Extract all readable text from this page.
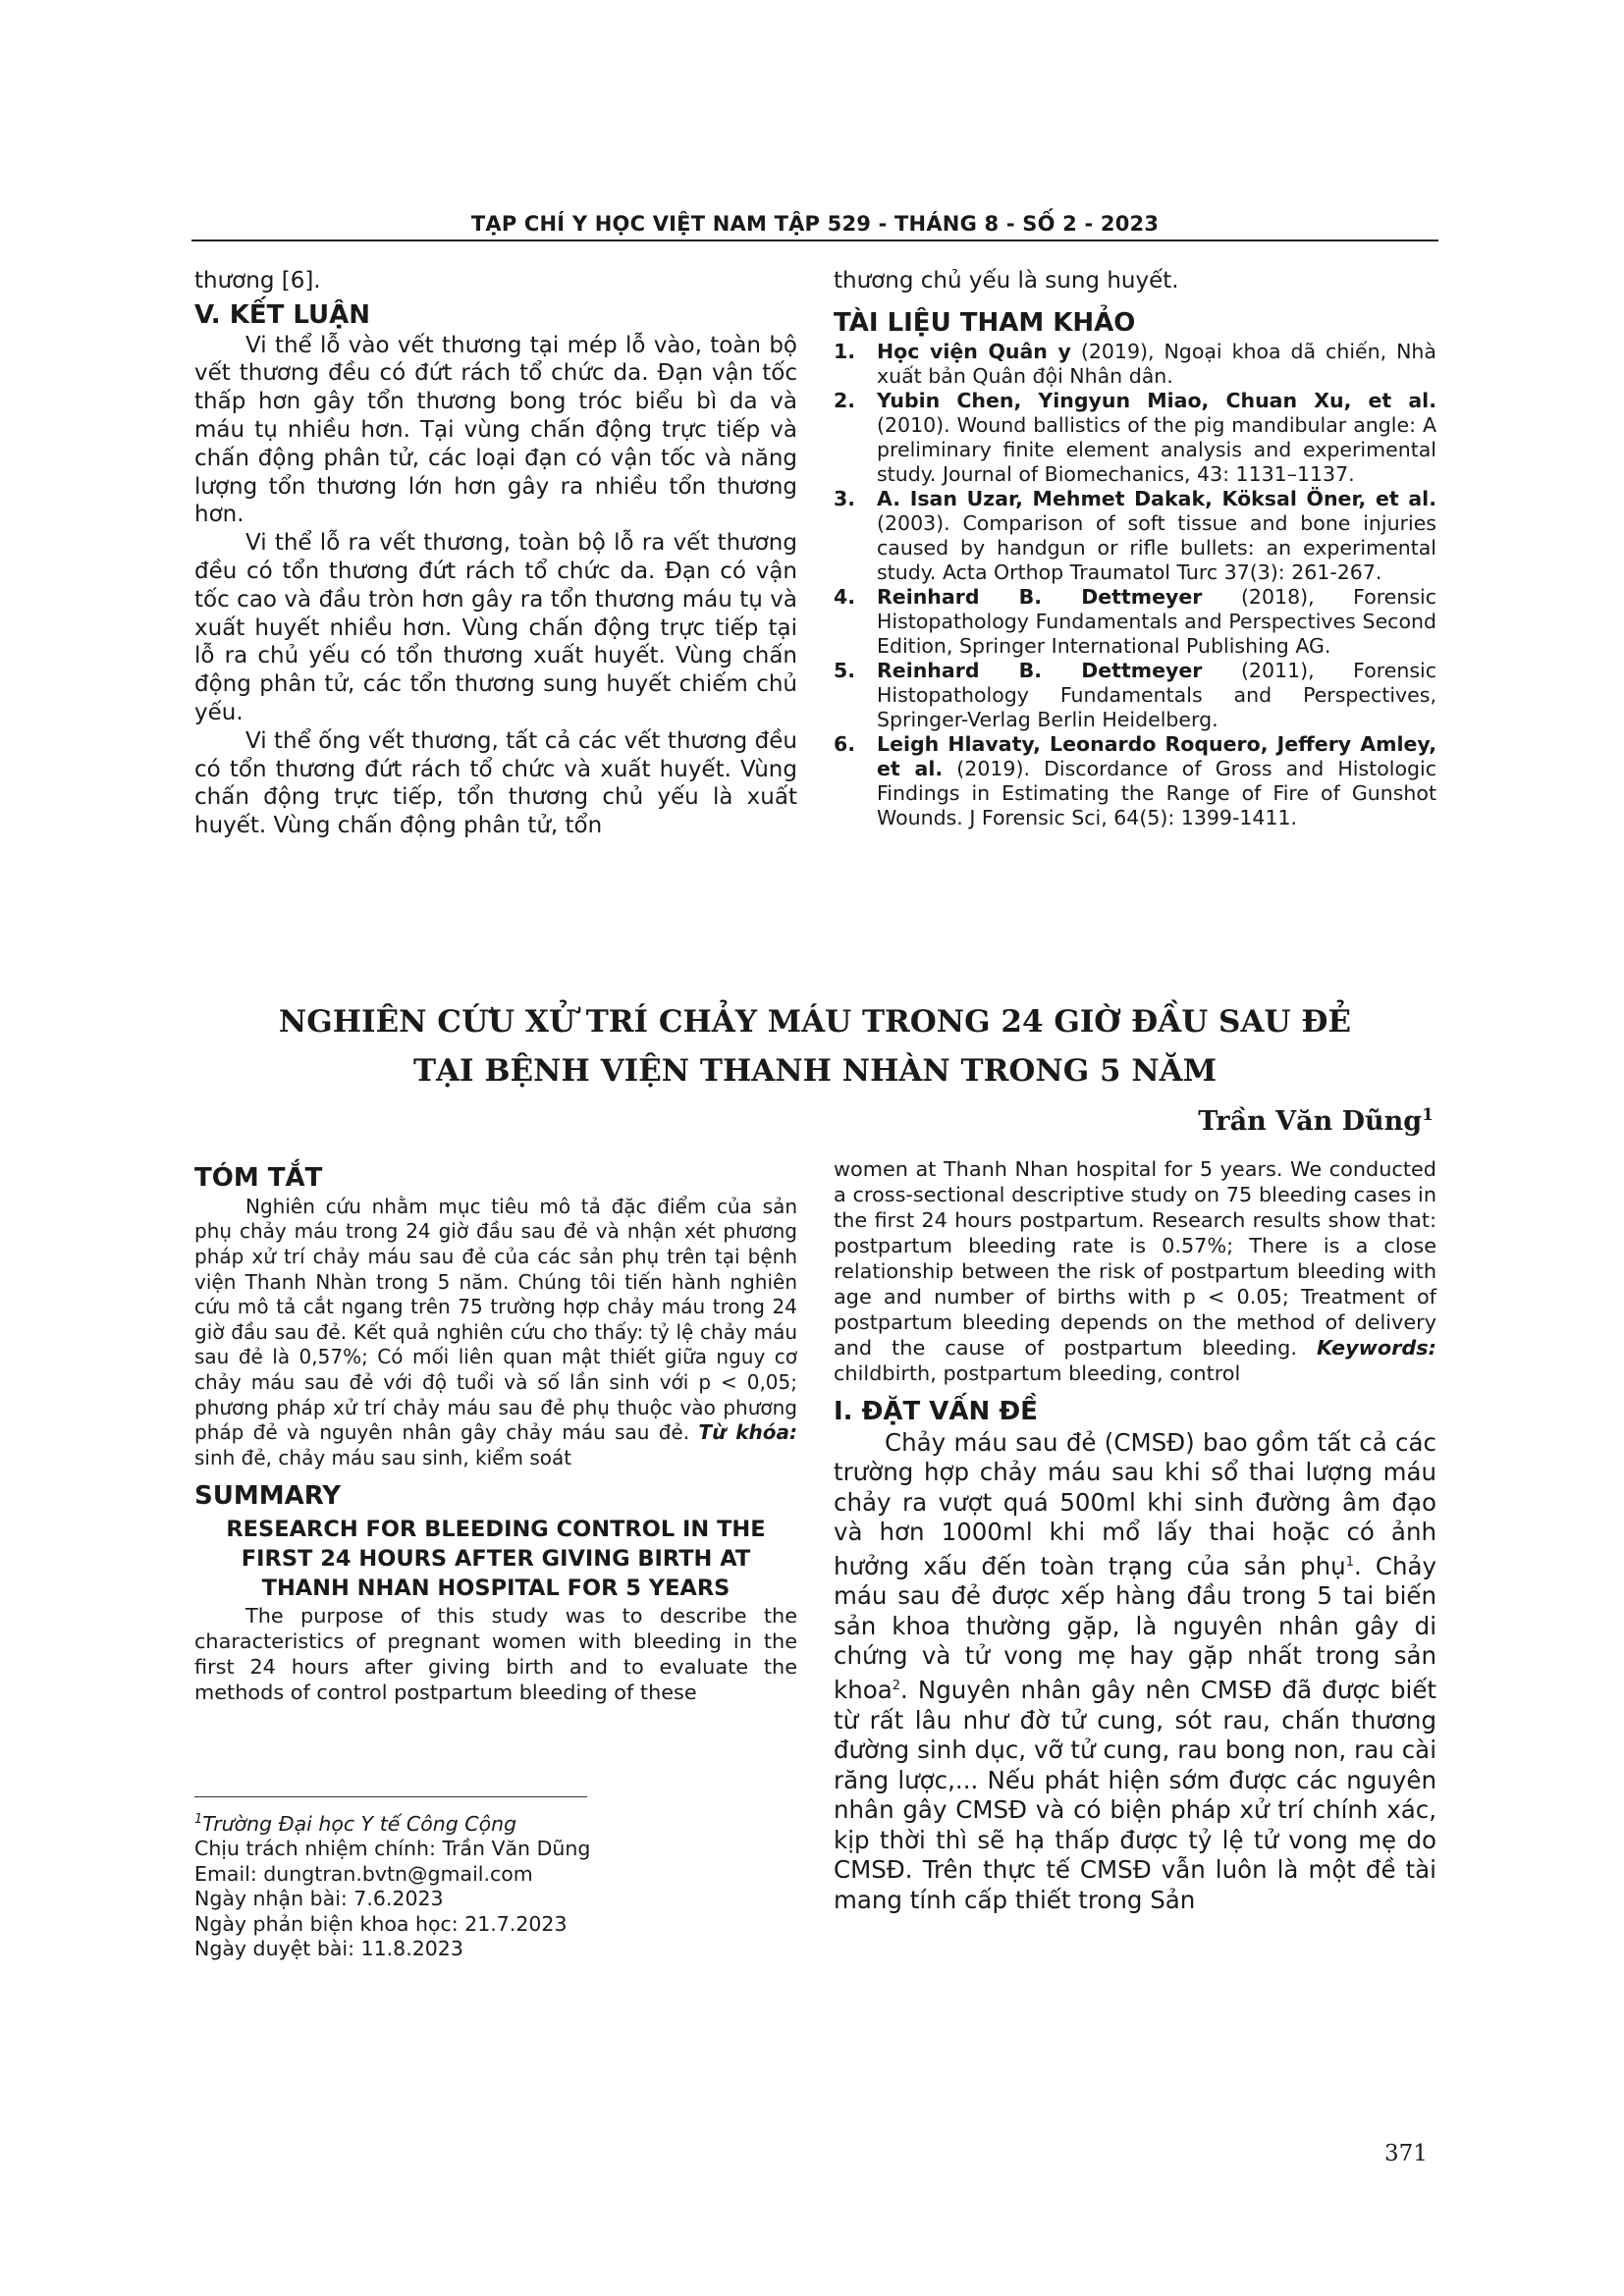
TẠP CHÍ Y HỌC VIỆT NAM TẬP 529 - THÁNG 8 - SỐ 2 - 2023

thương [6].

V. KẾT LUẬN

Vi thể lỗ vào vết thương tại mép lỗ vào, toàn bộ vết thương đều có đứt rách tổ chức da. Đạn vận tốc thấp hơn gây tổn thương bong tróc biểu bì da và máu tụ nhiều hơn. Tại vùng chấn động trực tiếp và chấn động phân tử, các loại đạn có vận tốc và năng lượng tổn thương lớn hơn gây ra nhiều tổn thương hơn.

Vi thể lỗ ra vết thương, toàn bộ lỗ ra vết thương đều có tổn thương đứt rách tổ chức da. Đạn có vận tốc cao và đầu tròn hơn gây ra tổn thương máu tụ và xuất huyết nhiều hơn. Vùng chấn động trực tiếp tại lỗ ra chủ yếu có tổn thương xuất huyết. Vùng chấn động phân tử, các tổn thương sung huyết chiếm chủ yếu.

Vi thể ống vết thương, tất cả các vết thương đều có tổn thương đứt rách tổ chức và xuất huyết. Vùng chấn động trực tiếp, tổn thương chủ yếu là xuất huyết. Vùng chấn động phân tử, tổn

thương chủ yếu là sung huyết.

TÀI LIỆU THAM KHẢO
1. Học viện Quân y (2019), Ngoại khoa dã chiến, Nhà xuất bản Quân đội Nhân dân.
2. Yubin Chen, Yingyun Miao, Chuan Xu, et al. (2010). Wound ballistics of the pig mandibular angle: A preliminary finite element analysis and experimental study. Journal of Biomechanics, 43: 1131–1137.
3. A. Isan Uzar, Mehmet Dakak, Köksal Öner, et al. (2003). Comparison of soft tissue and bone injuries caused by handgun or rifle bullets: an experimental study. Acta Orthop Traumatol Turc 37(3): 261-267.
4. Reinhard B. Dettmeyer (2018), Forensic Histopathology Fundamentals and Perspectives Second Edition, Springer International Publishing AG.
5. Reinhard B. Dettmeyer (2011), Forensic Histopathology Fundamentals and Perspectives, Springer-Verlag Berlin Heidelberg.
6. Leigh Hlavaty, Leonardo Roquero, Jeffery Amley, et al. (2019). Discordance of Gross and Histologic Findings in Estimating the Range of Fire of Gunshot Wounds. J Forensic Sci, 64(5): 1399-1411.
NGHIÊN CỨU XỬ TRÍ CHẢY MÁU TRONG 24 GIỜ ĐẦU SAU ĐẺ
TẠI BỆNH VIỆN THANH NHÀN TRONG 5 NĂM
Trần Văn Dũng$^1$
TÓM TẮT

Nghiên cứu nhằm mục tiêu mô tả đặc điểm của sản phụ chảy máu trong 24 giờ đầu sau đẻ và nhận xét phương pháp xử trí chảy máu sau đẻ của các sản phụ trên tại bệnh viện Thanh Nhàn trong 5 năm. Chúng tôi tiến hành nghiên cứu mô tả cắt ngang trên 75 trường hợp chảy máu trong 24 giờ đầu sau đẻ. Kết quả nghiên cứu cho thấy: tỷ lệ chảy máu sau đẻ là 0,57%; Có mối liên quan mật thiết giữa nguy cơ chảy máu sau đẻ với độ tuổi và số lần sinh với p < 0,05; phương pháp xử trí chảy máu sau đẻ phụ thuộc vào phương pháp đẻ và nguyên nhân gây chảy máu sau đẻ. Từ khóa: sinh đẻ, chảy máu sau sinh, kiểm soát

SUMMARY
RESEARCH FOR BLEEDING CONTROL IN THE FIRST 24 HOURS AFTER GIVING BIRTH AT THANH NHAN HOSPITAL FOR 5 YEARS

The purpose of this study was to describe the characteristics of pregnant women with bleeding in the first 24 hours after giving birth and to evaluate the methods of control postpartum bleeding of these

women at Thanh Nhan hospital for 5 years. We conducted a cross-sectional descriptive study on 75 bleeding cases in the first 24 hours postpartum. Research results show that: postpartum bleeding rate is 0.57%; There is a close relationship between the risk of postpartum bleeding with age and number of births with p < 0.05; Treatment of postpartum bleeding depends on the method of delivery and the cause of postpartum bleeding. Keywords: childbirth, postpartum bleeding, control

I. ĐẶT VẤN ĐỀ

Chảy máu sau đẻ (CMSĐ) bao gồm tất cả các trường hợp chảy máu sau khi sổ thai lượng máu chảy ra vượt quá 500ml khi sinh đường âm đạo và hơn 1000ml khi mổ lấy thai hoặc có ảnh hưởng xấu đến toàn trạng của sản phụ$^1$. Chảy máu sau đẻ được xếp hàng đầu trong 5 tai biến sản khoa thường gặp, là nguyên nhân gây di chứng và tử vong mẹ hay gặp nhất trong sản khoa$^2$. Nguyên nhân gây nên CMSĐ đã được biết từ rất lâu như đờ tử cung, sót rau, chấn thương đường sinh dục, vỡ tử cung, rau bong non, rau cài răng lược,... Nếu phát hiện sớm được các nguyên nhân gây CMSĐ và có biện pháp xử trí chính xác, kịp thời thì sẽ hạ thấp được tỷ lệ tử vong mẹ do CMSĐ. Trên thực tế CMSĐ vẫn luôn là một đề tài mang tính cấp thiết trong Sản

$^1$Trường Đại học Y tế Công Cộng
Chịu trách nhiệm chính: Trần Văn Dũng
Email: dungtran.bvtn@gmail.com
Ngày nhận bài: 7.6.2023
Ngày phản biện khoa học: 21.7.2023
Ngày duyệt bài: 11.8.2023
371
